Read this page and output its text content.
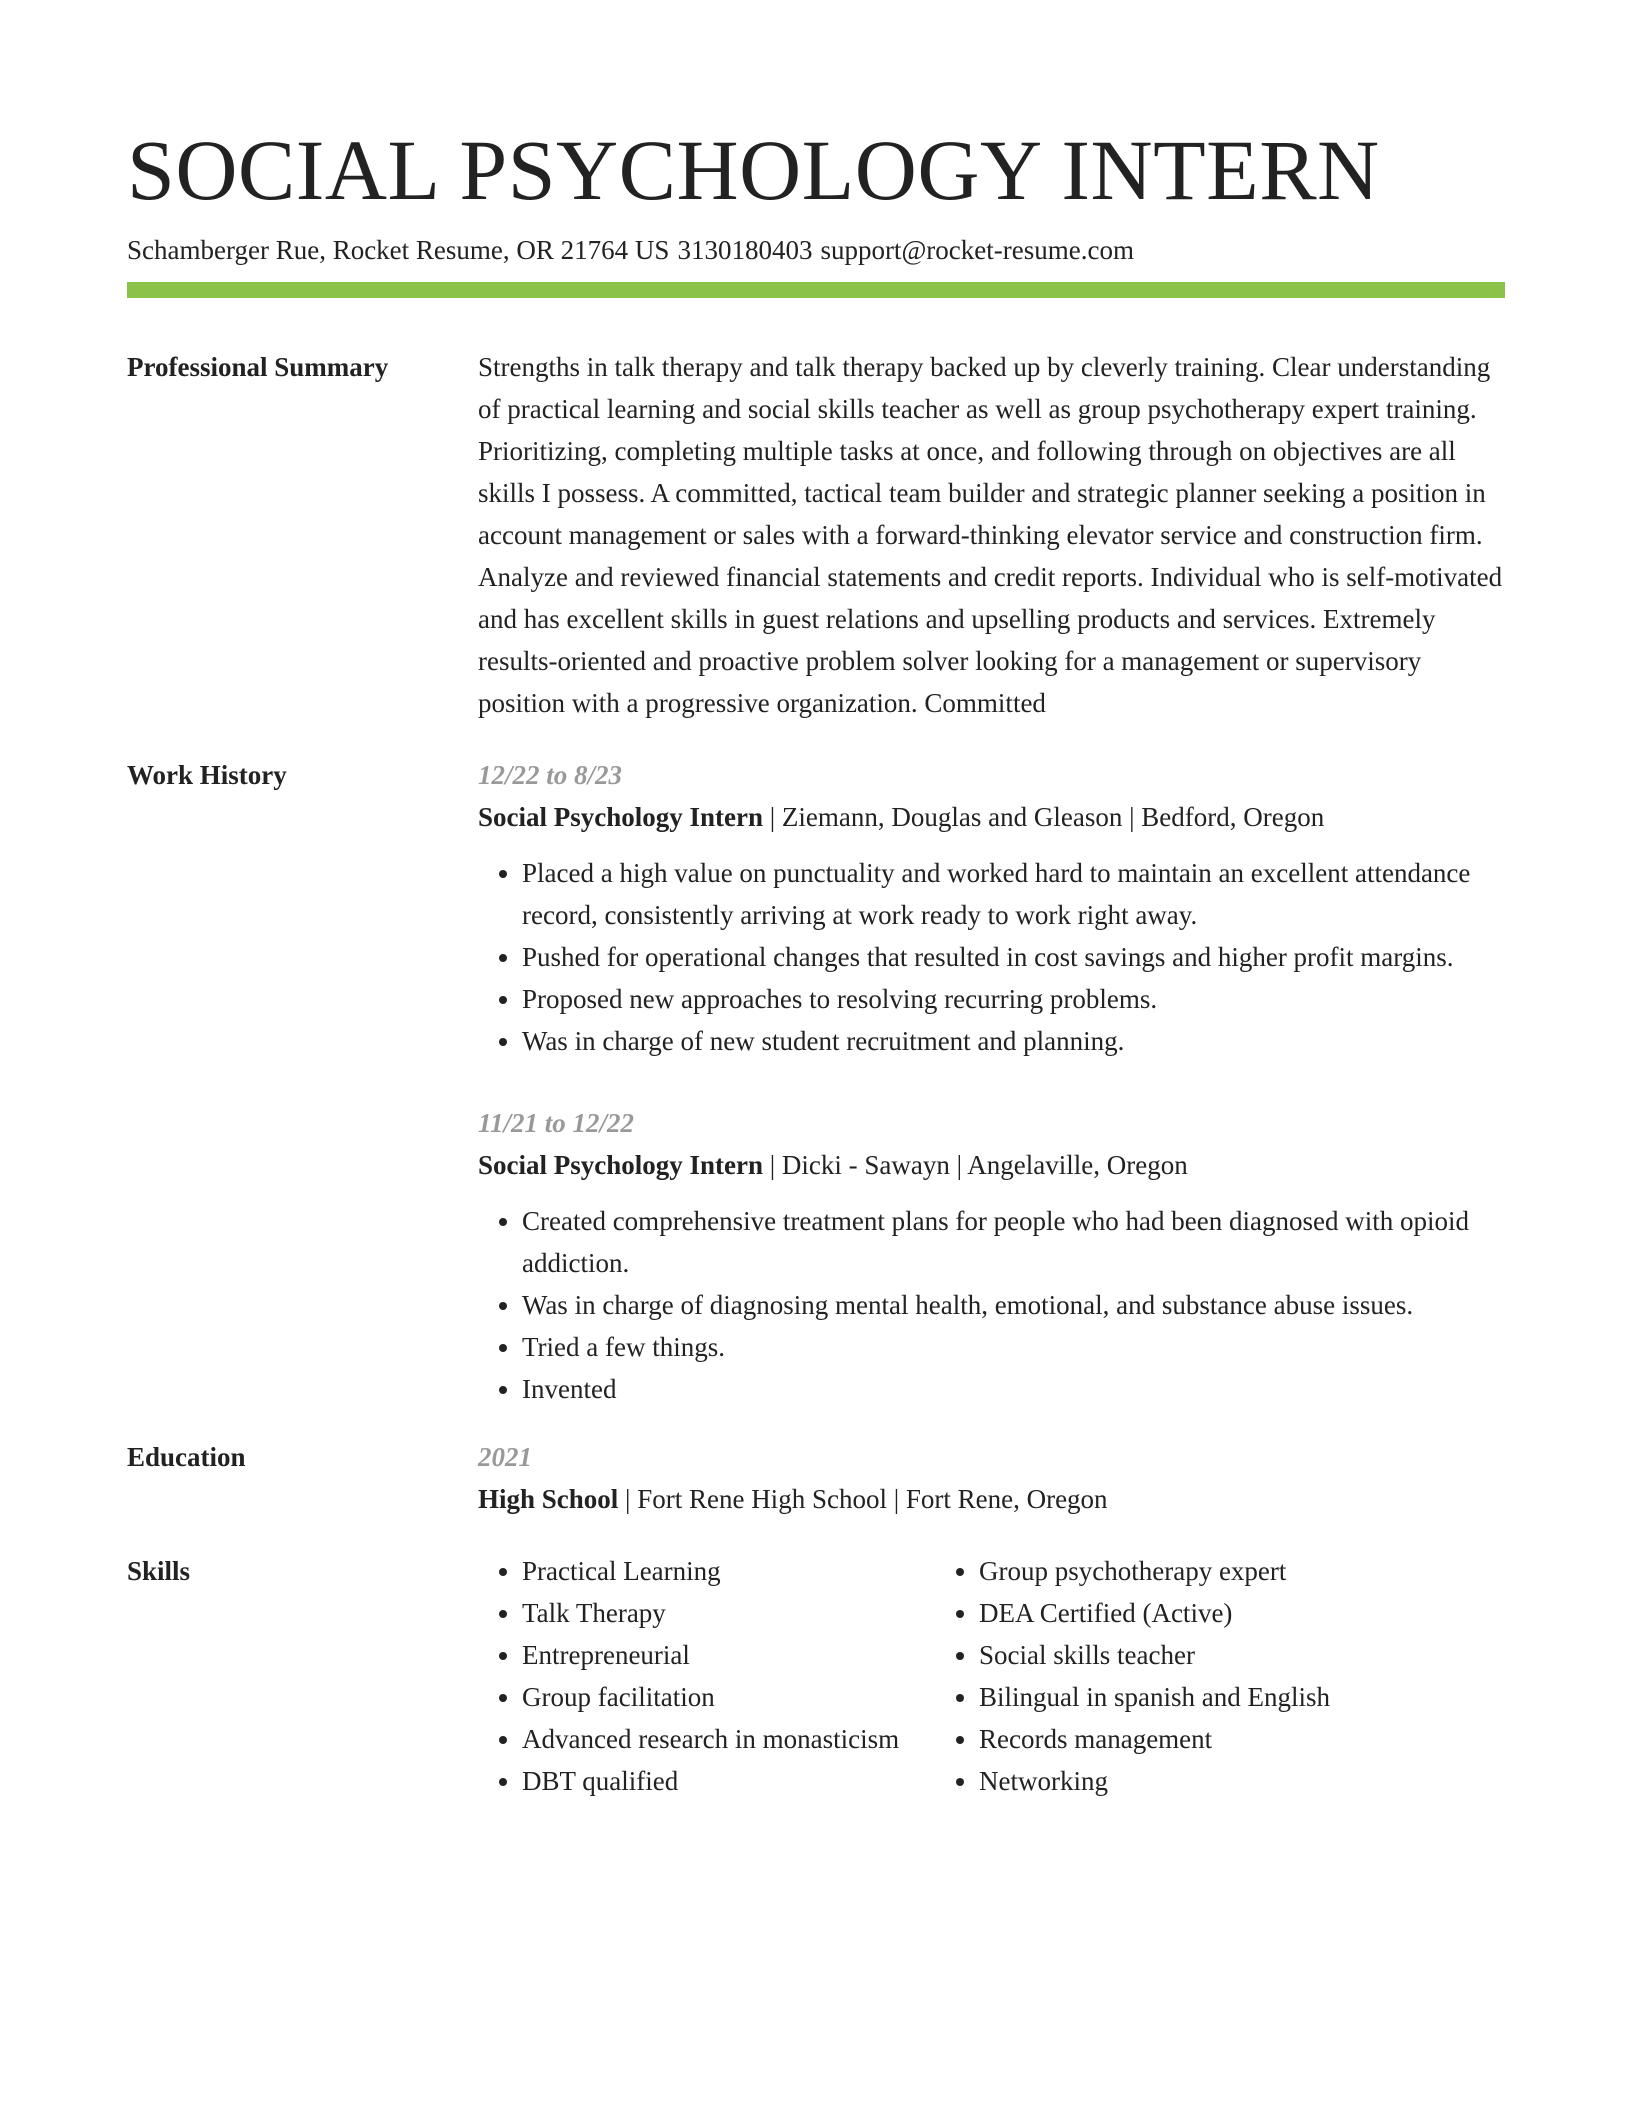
SOCIAL PSYCHOLOGY INTERN
Schamberger Rue, Rocket Resume, OR 21764 US 3130180403 support@rocket-resume.com
Professional Summary	Strengths in talk therapy and talk therapy backed up by cleverly training. Clear understanding of practical learning and social skills teacher as well as group psychotherapy expert training. Prioritizing, completing multiple tasks at once, and following through on objectives are all skills I possess. A committed, tactical team builder and strategic planner seeking a position in account management or sales with a forward-thinking elevator service and construction firm. Analyze and reviewed financial statements and credit reports. Individual who is self-motivated and has excellent skills in guest relations and upselling products and services. Extremely results-oriented and proactive problem solver looking for a management or supervisory position with a progressive organization. Committed

Work History	12/22 to 8/23
Social Psychology Intern | Ziemann, Douglas and Gleason | Bedford, Oregon
• Placed a high value on punctuality and worked hard to maintain an excellent attendance record, consistently arriving at work ready to work right away.
• Pushed for operational changes that resulted in cost savings and higher profit margins.
• Proposed new approaches to resolving recurring problems.
• Was in charge of new student recruitment and planning.
11/21 to 12/22
Social Psychology Intern | Dicki - Sawayn | Angelaville, Oregon
• Created comprehensive treatment plans for people who had been diagnosed with opioid addiction.
• Was in charge of diagnosing mental health, emotional, and substance abuse issues.
• Tried a few things.
• Invented
Education	2021
High School | Fort Rene High School | Fort Rene, Oregon
Skills
•	Practical Learning
• Talk Therapy
• Entrepreneurial
• Group facilitation
• Advanced research in monasticism
• DBT qualified
• Group psychotherapy expert
• DEA Certified (Active)
• Social skills teacher
• Bilingual in spanish and English
• Records management
• Networking
